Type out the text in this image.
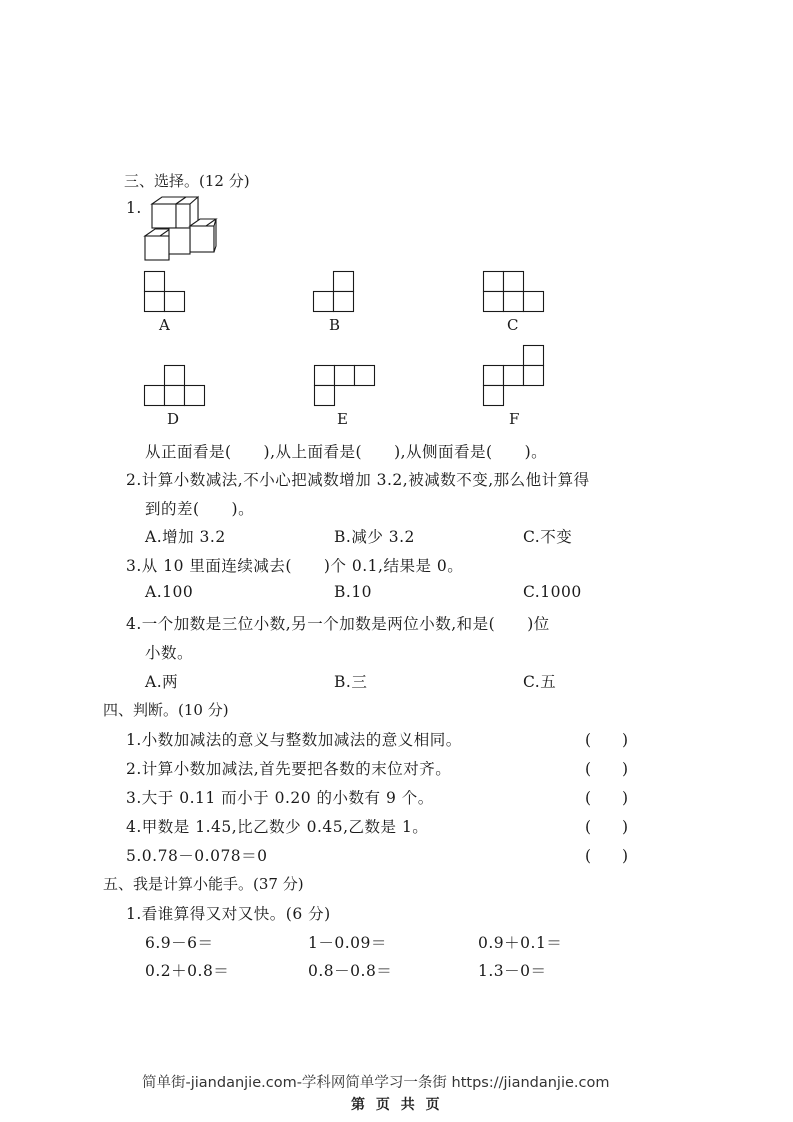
三、选择。(12 分)
1.
A	B	C
D	E	F
从正面看是(　　),从上面看是(　　),从侧面看是(　　)。
2.计算小数减法,不小心把减数增加 3.2,被减数不变,那么他计算得
到的差(　　)。
A.增加 3.2	B.减少 3.2	C.不变
3.从 10 里面连续减去(　　)个 0.1,结果是 0。
A.100	B.10	C.1000
4.一个加数是三位小数,另一个加数是两位小数,和是(　　)位
小数。
A.两	B.三	C.五
四、判断。(10 分)
1.小数加减法的意义与整数加减法的意义相同。	(　　)
2.计算小数加减法,首先要把各数的末位对齐。	(　　)
3.大于 0.11 而小于 0.20 的小数有 9 个。	(　　)
4.甲数是 1.45,比乙数少 0.45,乙数是 1。	(　　)
5.0.78－0.078＝0	(　　)
五、我是计算小能手。(37 分)
1.看谁算得又对又快。(6 分)
6.9－6＝	1－0.09＝	0.9＋0.1＝
0.2＋0.8＝	0.8－0.8＝	1.3－0＝
简单街-jiandanjie.com-学科网简单学习一条街 https://jiandanjie.com
第 页 共 页
